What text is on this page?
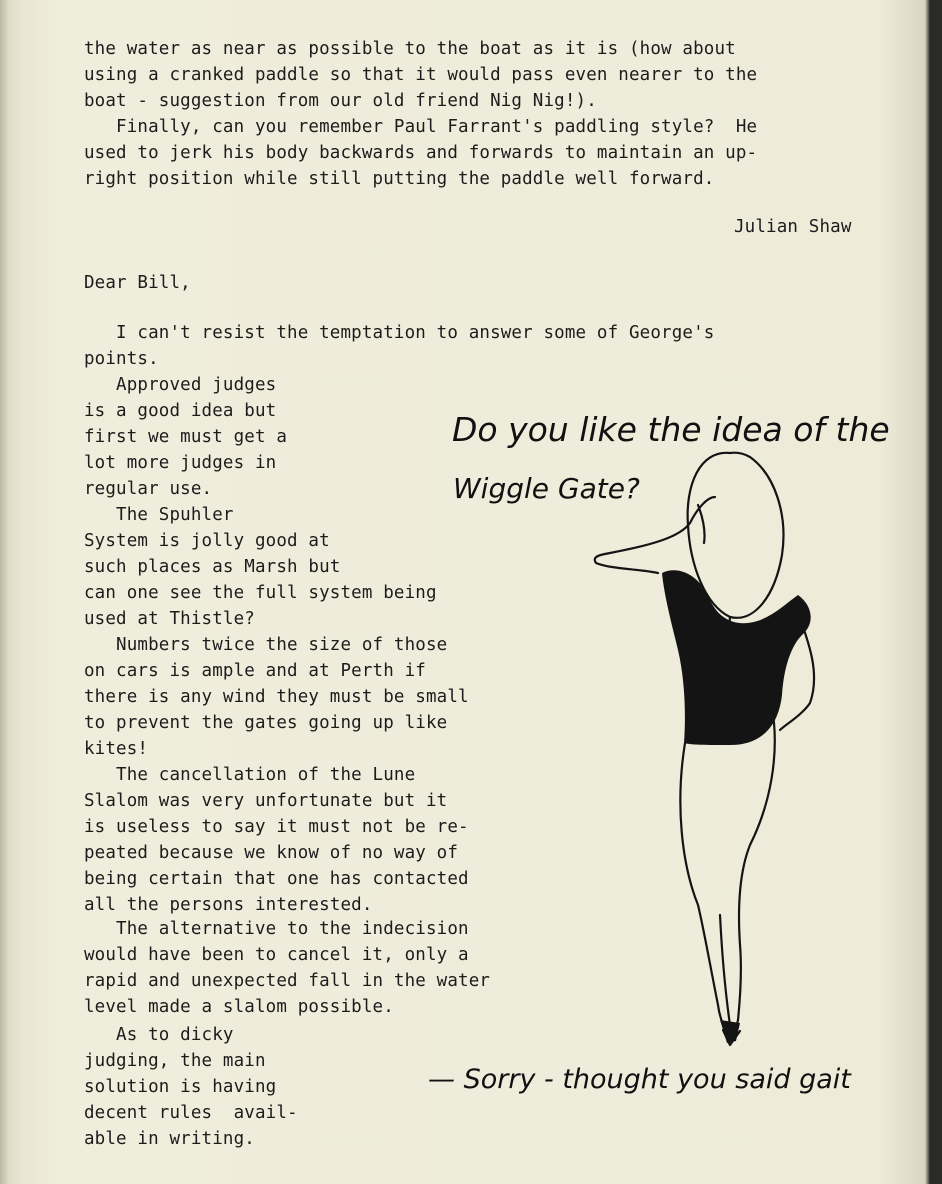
the water as near as possible to the boat as it is (how about
using a cranked paddle so that it would pass even nearer to the
boat - suggestion from our old friend Nig Nig!).
Finally, can you remember Paul Farrant's paddling style?  He
used to jerk his body backwards and forwards to maintain an up-
right position while still putting the paddle well forward.
Julian Shaw
Dear Bill,
I can't resist the temptation to answer some of George's
points.
Approved judges
is a good idea but
first we must get a
lot more judges in
regular use.
The Spuhler
System is jolly good at
such places as Marsh but
can one see the full system being
used at Thistle?
Numbers twice the size of those
on cars is ample and at Perth if
there is any wind they must be small
to prevent the gates going up like
kites!
The cancellation of the Lune
Slalom was very unfortunate but it
is useless to say it must not be re-
peated because we know of no way of
being certain that one has contacted
all the persons interested.
The alternative to the indecision
would have been to cancel it, only a
rapid and unexpected fall in the water
level made a slalom possible.
As to dicky
judging, the main
solution is having
decent rules  avail-
able in writing.
Do you like the idea of the
Wiggle Gate?
— Sorry - thought you said gait
